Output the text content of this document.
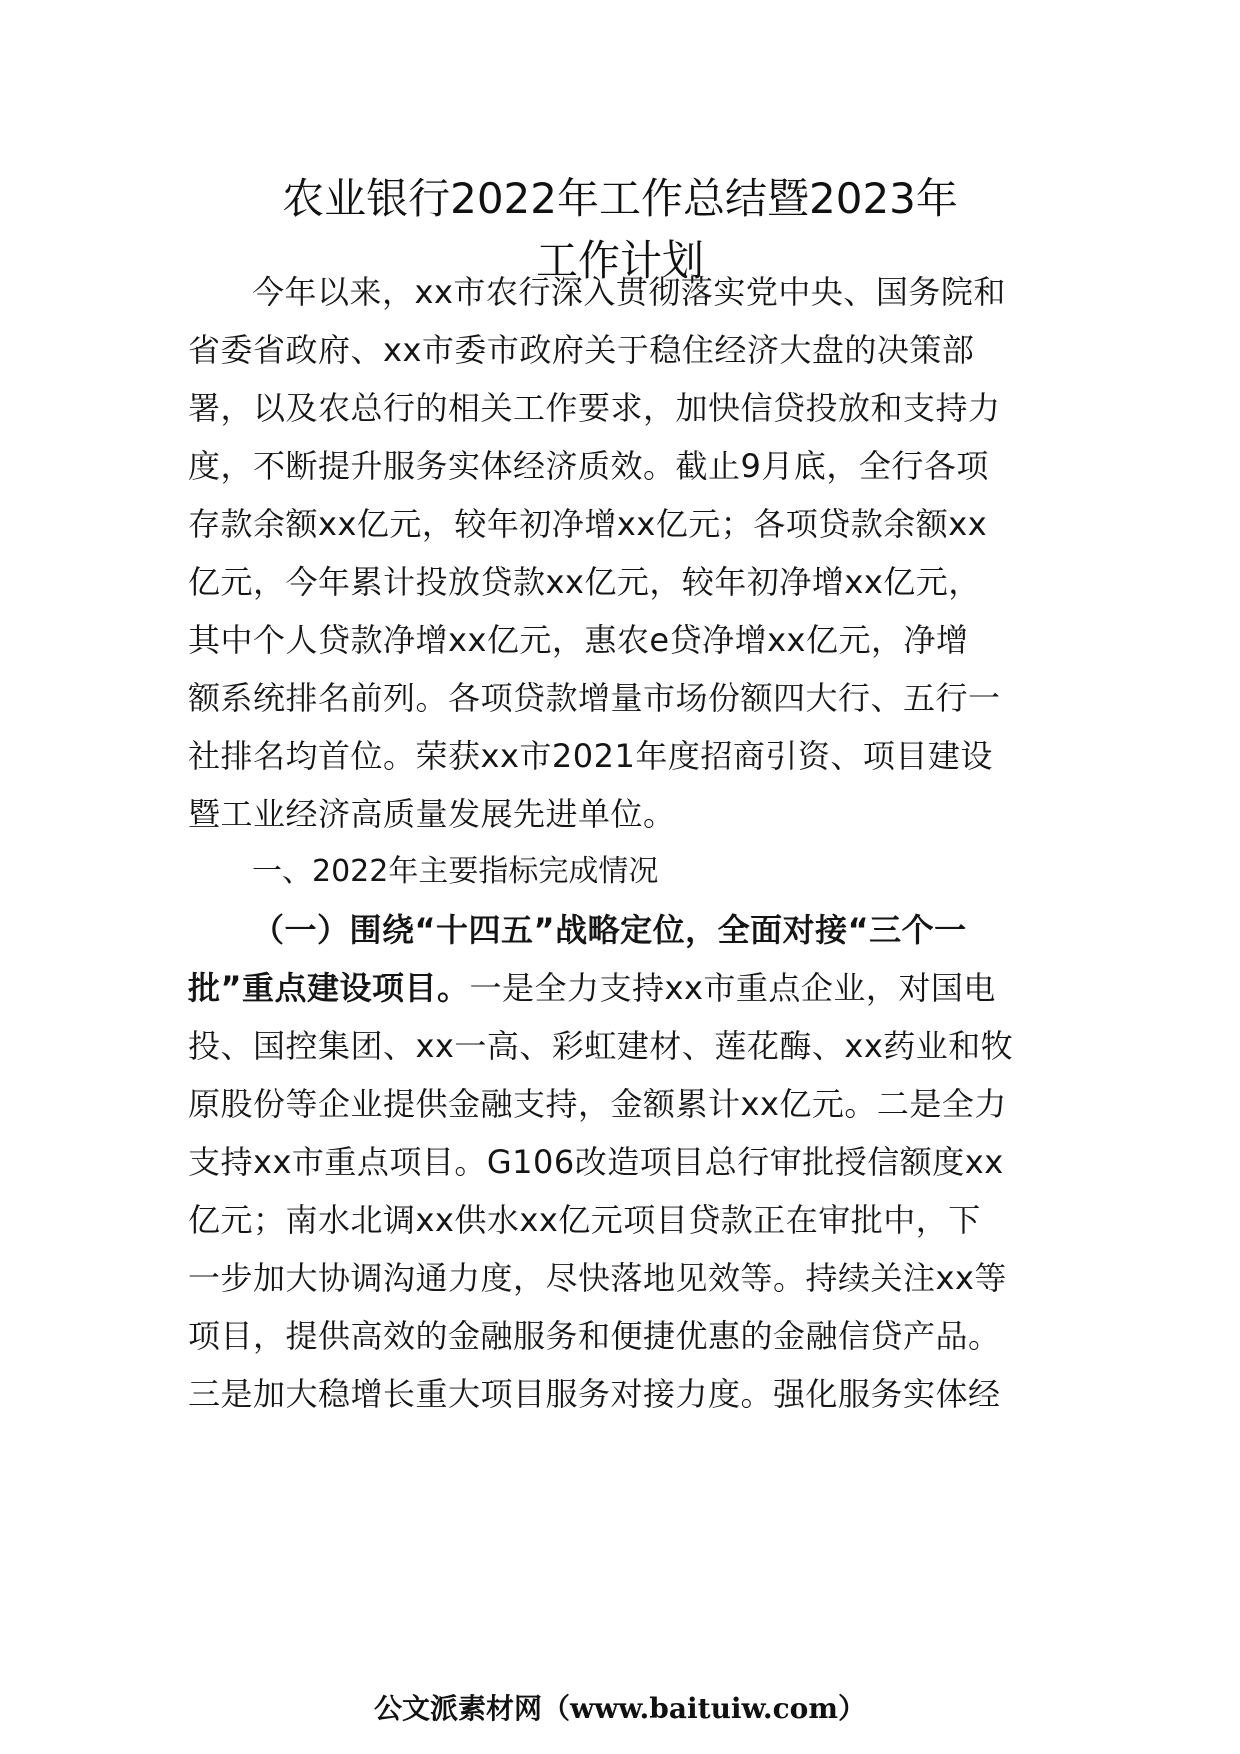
农业银行2022年工作总结暨2023年
工作计划
今年以来，xx市农行深入贯彻落实党中央、国务院和
省委省政府、xx市委市政府关于稳住经济大盘的决策部
署，以及农总行的相关工作要求，加快信贷投放和支持力
度，不断提升服务实体经济质效。截止9月底，全行各项
存款余额xx亿元，较年初净增xx亿元；各项贷款余额xx
亿元，今年累计投放贷款xx亿元，较年初净增xx亿元，
其中个人贷款净增xx亿元，惠农e贷净增xx亿元，净增
额系统排名前列。各项贷款增量市场份额四大行、五行一
社排名均首位。荣获xx市2021年度招商引资、项目建设
暨工业经济高质量发展先进单位。
一、2022年主要指标完成情况
（一）围绕“十四五”战略定位，全面对接“三个一
批”重点建设项目。一是全力支持xx市重点企业，对国电
投、国控集团、xx一高、彩虹建材、莲花酶、xx药业和牧
原股份等企业提供金融支持，金额累计xx亿元。二是全力
支持xx市重点项目。G106改造项目总行审批授信额度xx
亿元；南水北调xx供水xx亿元项目贷款正在审批中，下
一步加大协调沟通力度，尽快落地见效等。持续关注xx等
项目，提供高效的金融服务和便捷优惠的金融信贷产品。
三是加大稳增长重大项目服务对接力度。强化服务实体经
公文派素材网（www.baituiw.com）
